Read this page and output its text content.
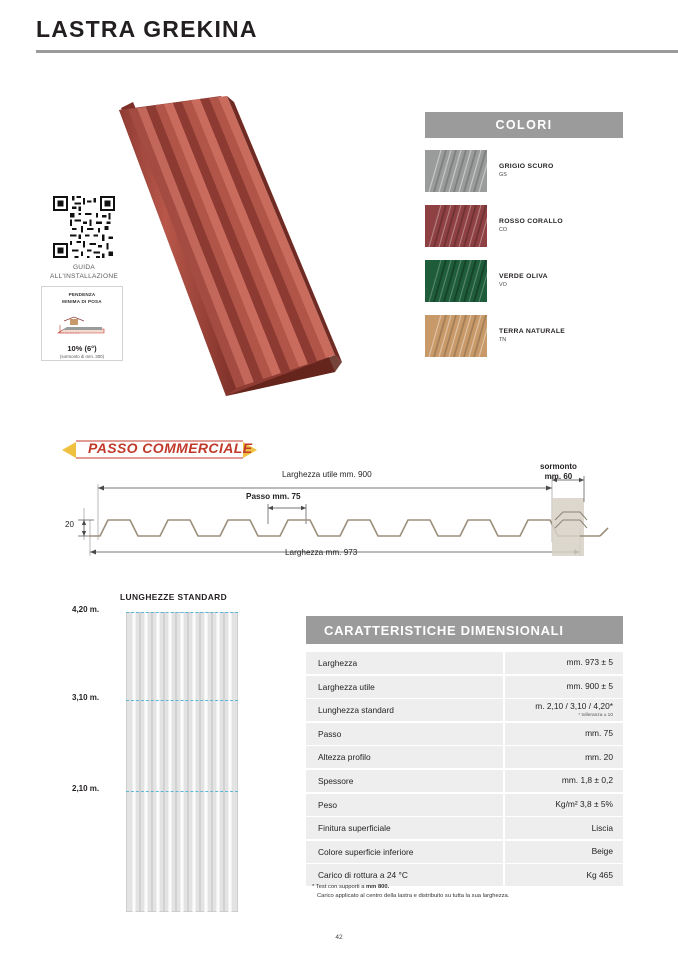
LASTRA GREKINA
GUIDA
ALL'INSTALLAZIONE
PENDENZA
MINIMA DI POSA
10% (6°)
(sormonto di mm. 300)
COLORI
GRIGIO SCURO
GS
ROSSO CORALLO
CO
VERDE OLIVA
VO
TERRA NATURALE
TN
PASSO COMMERCIALE
Larghezza utile mm. 900
Passo mm. 75
Larghezza mm. 973
20
sormonto
mm. 60
LUNGHEZZE STANDARD
4,20 m.
3,10 m.
2,10 m.
CARATTERISTICHE DIMENSIONALI
Larghezza	mm. 973 ± 5
Larghezza utile	mm. 900 ± 5
Lunghezza standard	m. 2,10 / 3,10 / 4,20*
* tolleranza ± 10
Passo	mm. 75
Altezza profilo	mm. 20
Spessore	mm. 1,8 ± 0,2
Peso	Kg/m² 3,8 ± 5%
Finitura superficiale	Liscia
Colore superficie inferiore	Beige
Carico di rottura a 24 °C	Kg 465
* Test con supporti a mm 800.
Carico applicato al centro della lastra e distribuito su tutta la sua larghezza.
42
